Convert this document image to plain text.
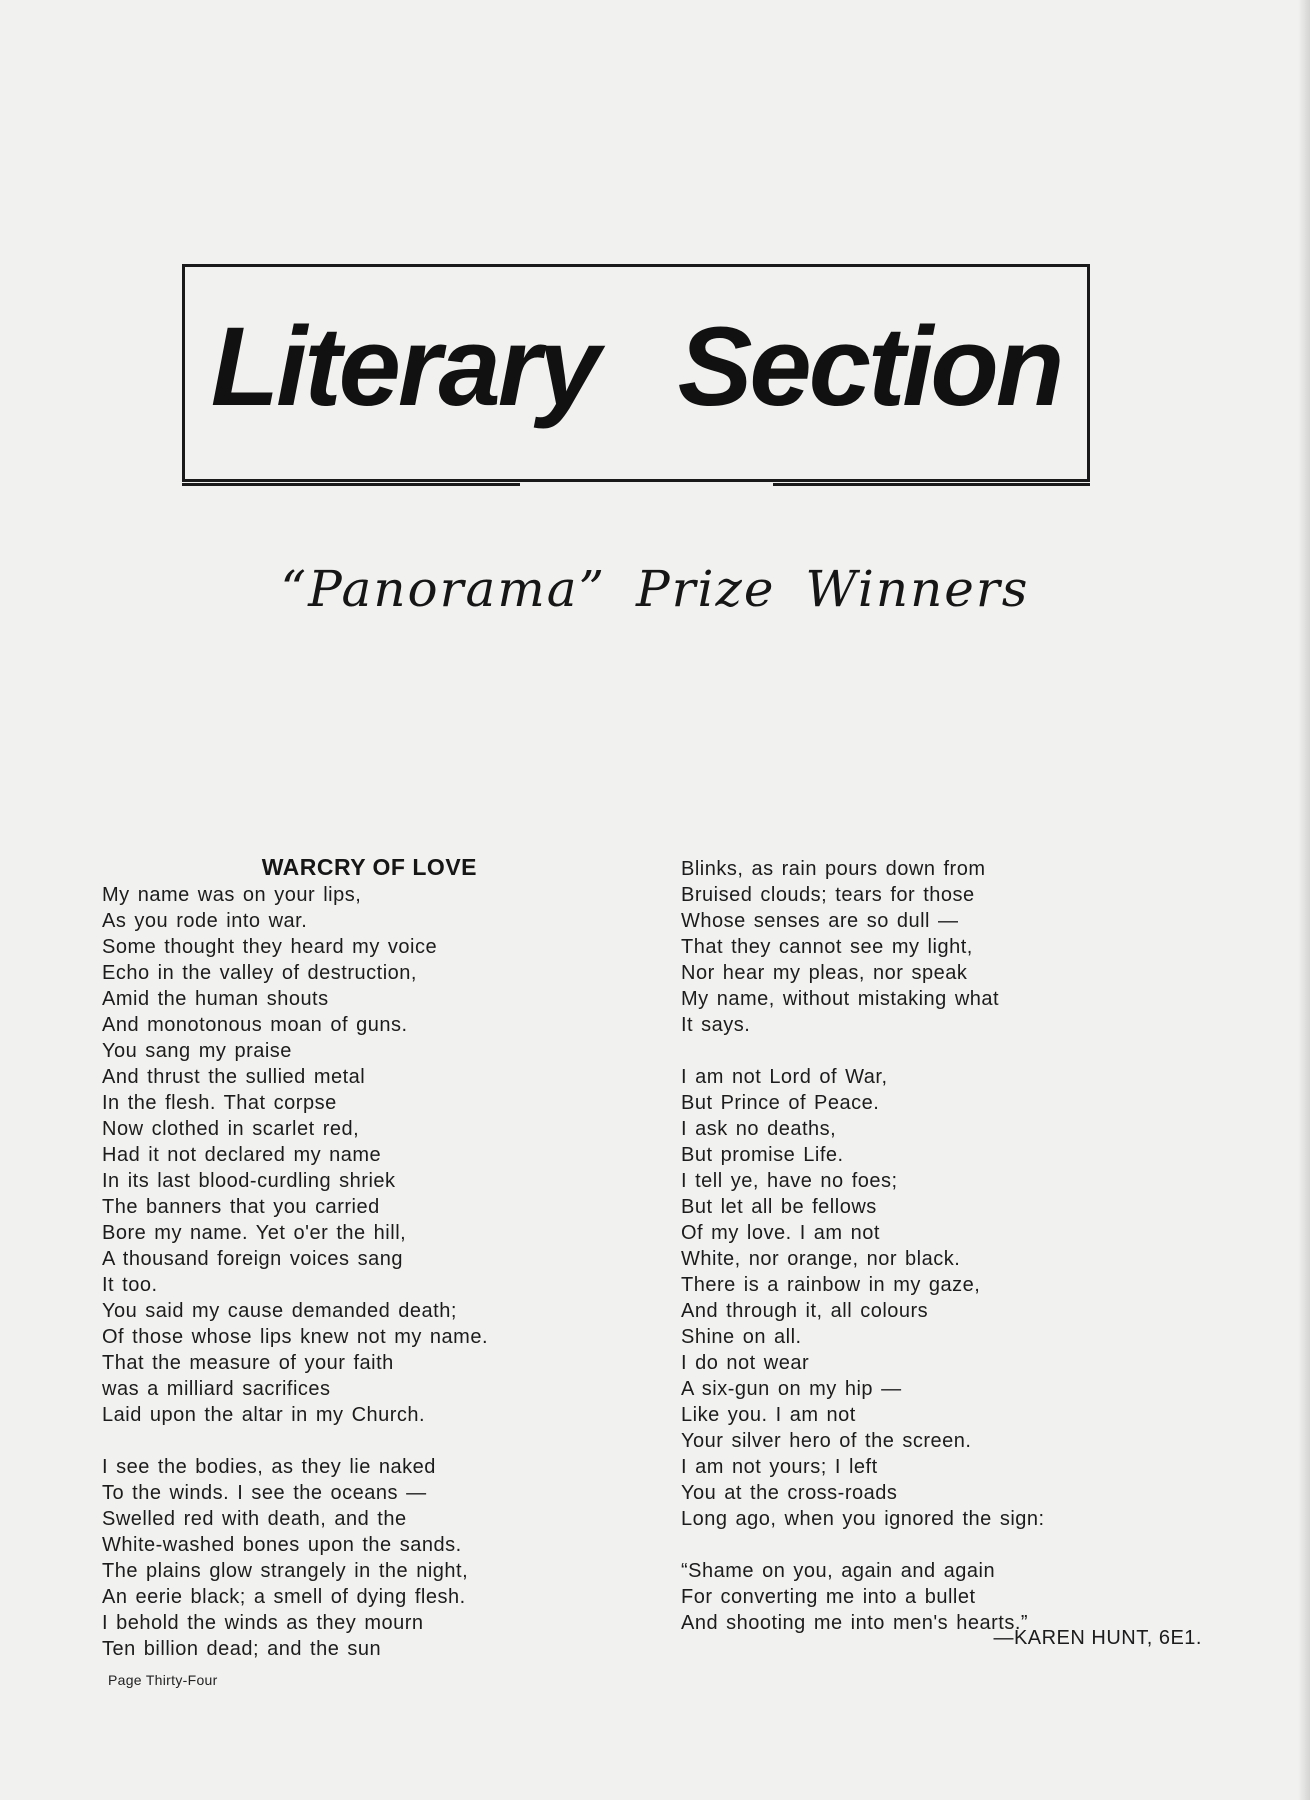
Literary Section
“Panorama” Prize Winners
WARCRY OF LOVE
My name was on your lips,
As you rode into war.
Some thought they heard my voice
Echo in the valley of destruction,
Amid the human shouts
And monotonous moan of guns.
You sang my praise
And thrust the sullied metal
In the flesh. That corpse
Now clothed in scarlet red,
Had it not declared my name
In its last blood-curdling shriek
The banners that you carried
Bore my name. Yet o'er the hill,
A thousand foreign voices sang
It too.
You said my cause demanded death;
Of those whose lips knew not my name.
That the measure of your faith
was a milliard sacrifices
Laid upon the altar in my Church.
I see the bodies, as they lie naked
To the winds. I see the oceans —
Swelled red with death, and the
White-washed bones upon the sands.
The plains glow strangely in the night,
An eerie black; a smell of dying flesh.
I behold the winds as they mourn
Ten billion dead; and the sun
Blinks, as rain pours down from
Bruised clouds; tears for those
Whose senses are so dull —
That they cannot see my light,
Nor hear my pleas, nor speak
My name, without mistaking what
It says.
I am not Lord of War,
But Prince of Peace.
I ask no deaths,
But promise Life.
I tell ye, have no foes;
But let all be fellows
Of my love. I am not
White, nor orange, nor black.
There is a rainbow in my gaze,
And through it, all colours
Shine on all.
I do not wear
A six-gun on my hip —
Like you. I am not
Your silver hero of the screen.
I am not yours; I left
You at the cross-roads
Long ago, when you ignored the sign:
“Shame on you, again and again
For converting me into a bullet
And shooting me into men's hearts.”
—KAREN HUNT, 6E1.
Page Thirty-Four
